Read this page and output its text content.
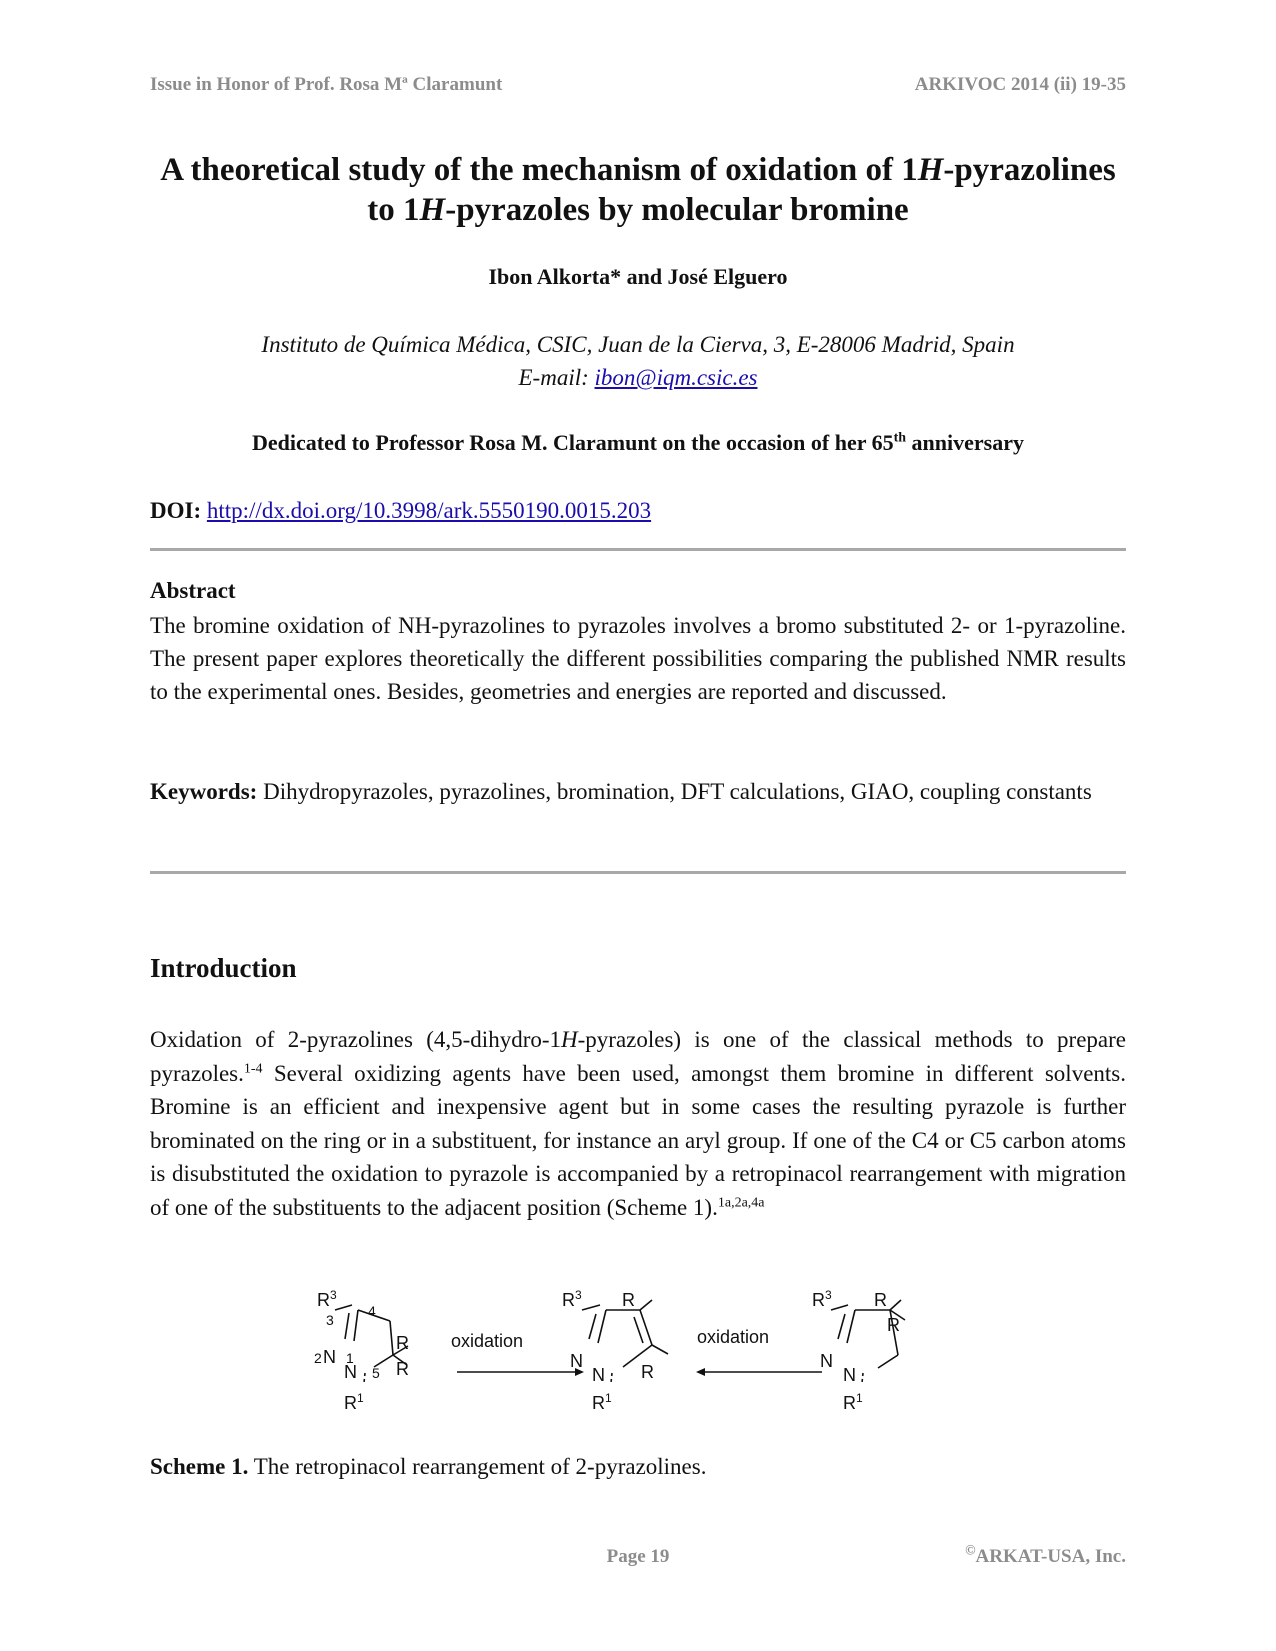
Issue in Honor of Prof. Rosa Mª Claramunt	ARKIVOC 2014 (ii) 19-35
A theoretical study of the mechanism of oxidation of 1H-pyrazolines
to 1H-pyrazoles by molecular bromine
Ibon Alkorta* and José Elguero
Instituto de Química Médica, CSIC, Juan de la Cierva, 3, E-28006 Madrid, Spain
E-mail: ibon@iqm.csic.es
Dedicated to Professor Rosa M. Claramunt on the occasion of her 65th anniversary
DOI: http://dx.doi.org/10.3998/ark.5550190.0015.203
Abstract
The bromine oxidation of NH-pyrazolines to pyrazoles involves a bromo substituted 2- or 1-pyrazoline. The present paper explores theoretically the different possibilities comparing the published NMR results to the experimental ones. Besides, geometries and energies are reported and discussed.
Keywords: Dihydropyrazoles, pyrazolines, bromination, DFT calculations, GIAO, coupling constants
Introduction
Oxidation of 2-pyrazolines (4,5-dihydro-1H-pyrazoles) is one of the classical methods to prepare pyrazoles.$^{1-4}$ Several oxidizing agents have been used, amongst them bromine in different solvents. Bromine is an efficient and inexpensive agent but in some cases the resulting pyrazole is further brominated on the ring or in a substituent, for instance an aryl group. If one of the C4 or C5 carbon atoms is disubstituted the oxidation to pyrazole is accompanied by a retropinacol rearrangement with migration of one of the substituents to the adjacent position (Scheme 1).$^{1a,2a,4a}$
R 3
3
4
2 N 1
N 5
R
R
R 1
oxidation
R 3 R
N
N R
R 1
oxidation
R 3 R
R
N
N
R 1
Scheme 1. The retropinacol rearrangement of 2-pyrazolines.
Page 19	©ARKAT-USA, Inc.
